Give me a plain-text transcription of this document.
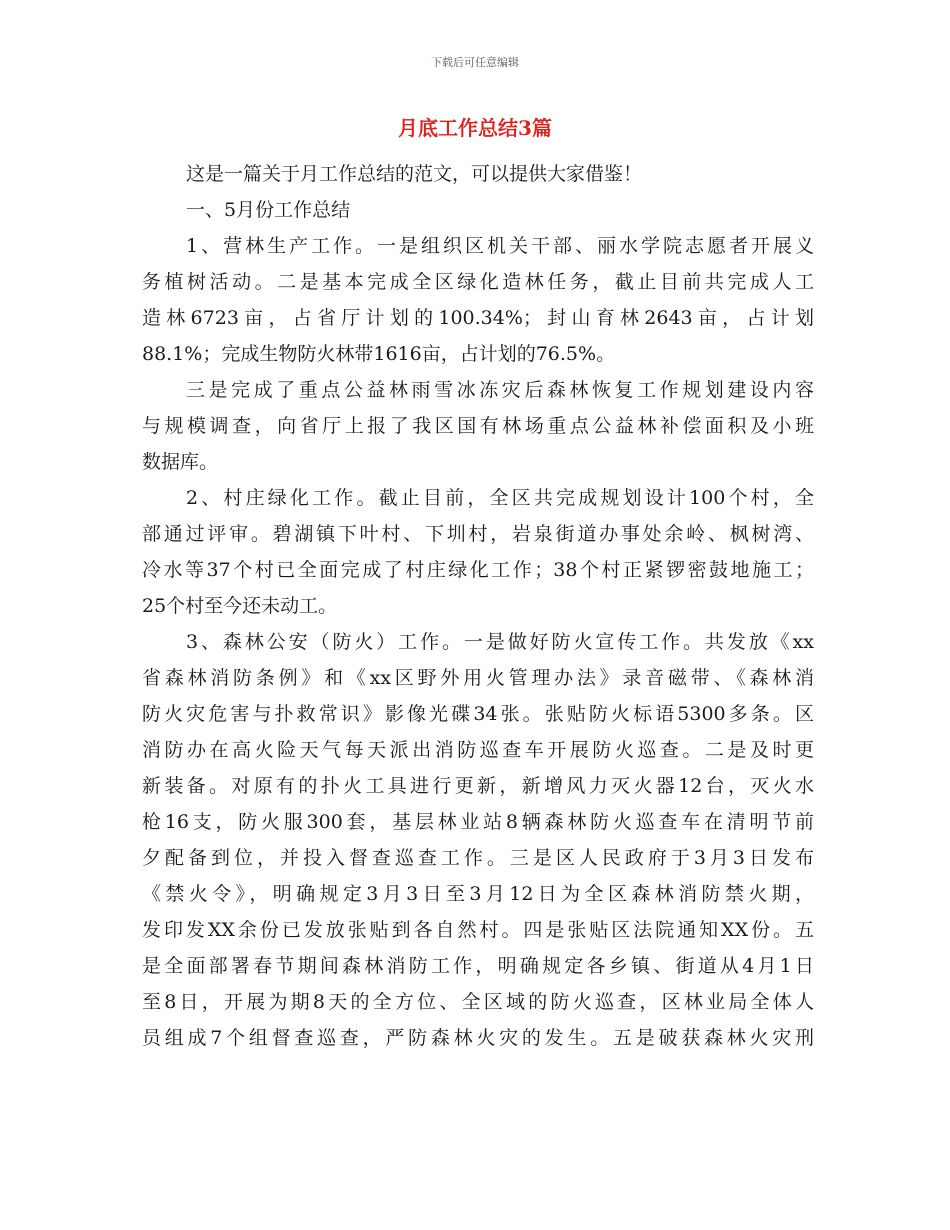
下载后可任意编辑
月底工作总结3篇
这是一篇关于月工作总结的范文，可以提供大家借鉴！
一、5月份工作总结
1、营林生产工作。一是组织区机关干部、丽水学院志愿者开展义
务植树活动。二是基本完成全区绿化造林任务，截止目前共完成人工
造林6723亩，占省厅计划的100.34%；封山育林2643亩，占计划
88.1%；完成生物防火林带1616亩，占计划的76.5%。
三是完成了重点公益林雨雪冰冻灾后森林恢复工作规划建设内容
与规模调查，向省厅上报了我区国有林场重点公益林补偿面积及小班
数据库。
2、村庄绿化工作。截止目前，全区共完成规划设计100个村，全
部通过评审。碧湖镇下叶村、下圳村，岩泉街道办事处余岭、枫树湾、
冷水等37个村已全面完成了村庄绿化工作；38个村正紧锣密鼓地施工；
25个村至今还未动工。
3、森林公安（防火）工作。一是做好防火宣传工作。共发放《xx
省森林消防条例》和《xx区野外用火管理办法》录音磁带、《森林消
防火灾危害与扑救常识》影像光碟34张。张贴防火标语5300多条。区
消防办在高火险天气每天派出消防巡查车开展防火巡查。二是及时更
新装备。对原有的扑火工具进行更新，新增风力灭火器12台，灭火水
枪16支，防火服300套，基层林业站8辆森林防火巡查车在清明节前
夕配备到位，并投入督查巡查工作。三是区人民政府于3月3日发布
《禁火令》，明确规定3月3日至3月12日为全区森林消防禁火期，
发印发XX余份已发放张贴到各自然村。四是张贴区法院通知XX份。五
是全面部署春节期间森林消防工作，明确规定各乡镇、街道从4月1日
至8日，开展为期8天的全方位、全区域的防火巡查，区林业局全体人
员组成7个组督查巡查，严防森林火灾的发生。五是破获森林火灾刑
